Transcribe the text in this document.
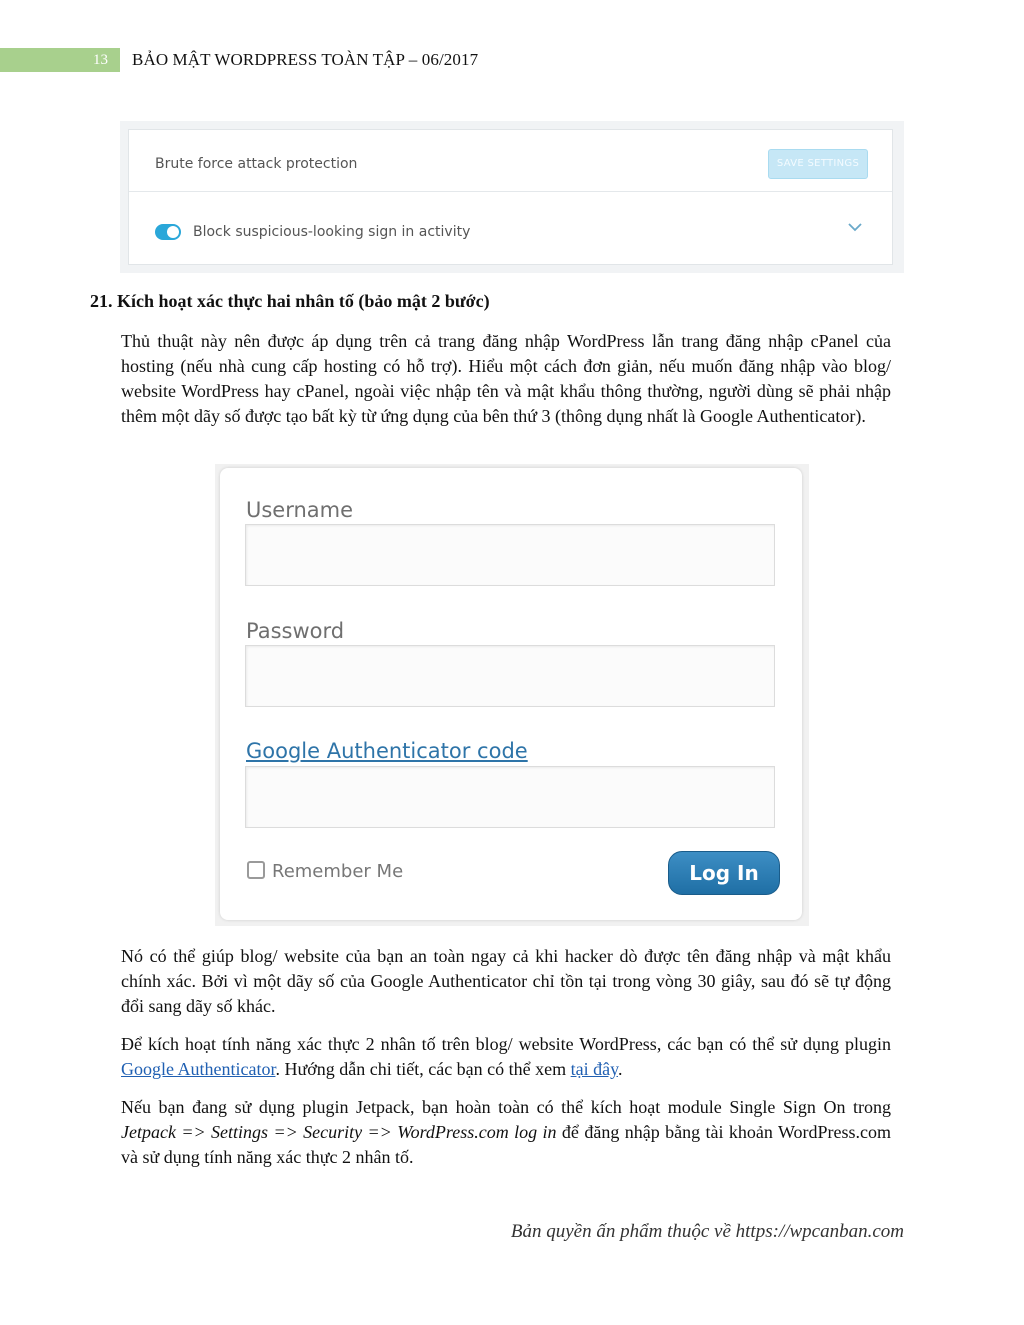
13	BẢO MẬT WORDPRESS TOÀN TẬP – 06/2017
Brute force attack protection	SAVE SETTINGS
Block suspicious-looking sign in activity
21. Kích hoạt xác thực hai nhân tố (bảo mật 2 bước)

Thủ thuật này nên được áp dụng trên cả trang đăng nhập WordPress lẫn trang đăng nhập cPanel của hosting (nếu nhà cung cấp hosting có hỗ trợ). Hiểu một cách đơn giản, nếu muốn đăng nhập vào blog/ website WordPress hay cPanel, ngoài việc nhập tên và mật khẩu thông thường, người dùng sẽ phải nhập thêm một dãy số được tạo bất kỳ từ ứng dụng của bên thứ 3 (thông dụng nhất là Google Authenticator).

Username
Password
Google Authenticator code
Remember Me	Log In

Nó có thể giúp blog/ website của bạn an toàn ngay cả khi hacker dò được tên đăng nhập và mật khẩu chính xác. Bởi vì một dãy số của Google Authenticator chỉ tồn tại trong vòng 30 giây, sau đó sẽ tự động đổi sang dãy số khác.

Để kích hoạt tính năng xác thực 2 nhân tố trên blog/ website WordPress, các bạn có thể sử dụng plugin Google Authenticator. Hướng dẫn chi tiết, các bạn có thể xem tại đây.

Nếu bạn đang sử dụng plugin Jetpack, bạn hoàn toàn có thể kích hoạt module Single Sign On trong Jetpack => Settings => Security => WordPress.com log in để đăng nhập bằng tài khoản WordPress.com và sử dụng tính năng xác thực 2 nhân tố.

Bản quyền ấn phẩm thuộc về https://wpcanban.com
